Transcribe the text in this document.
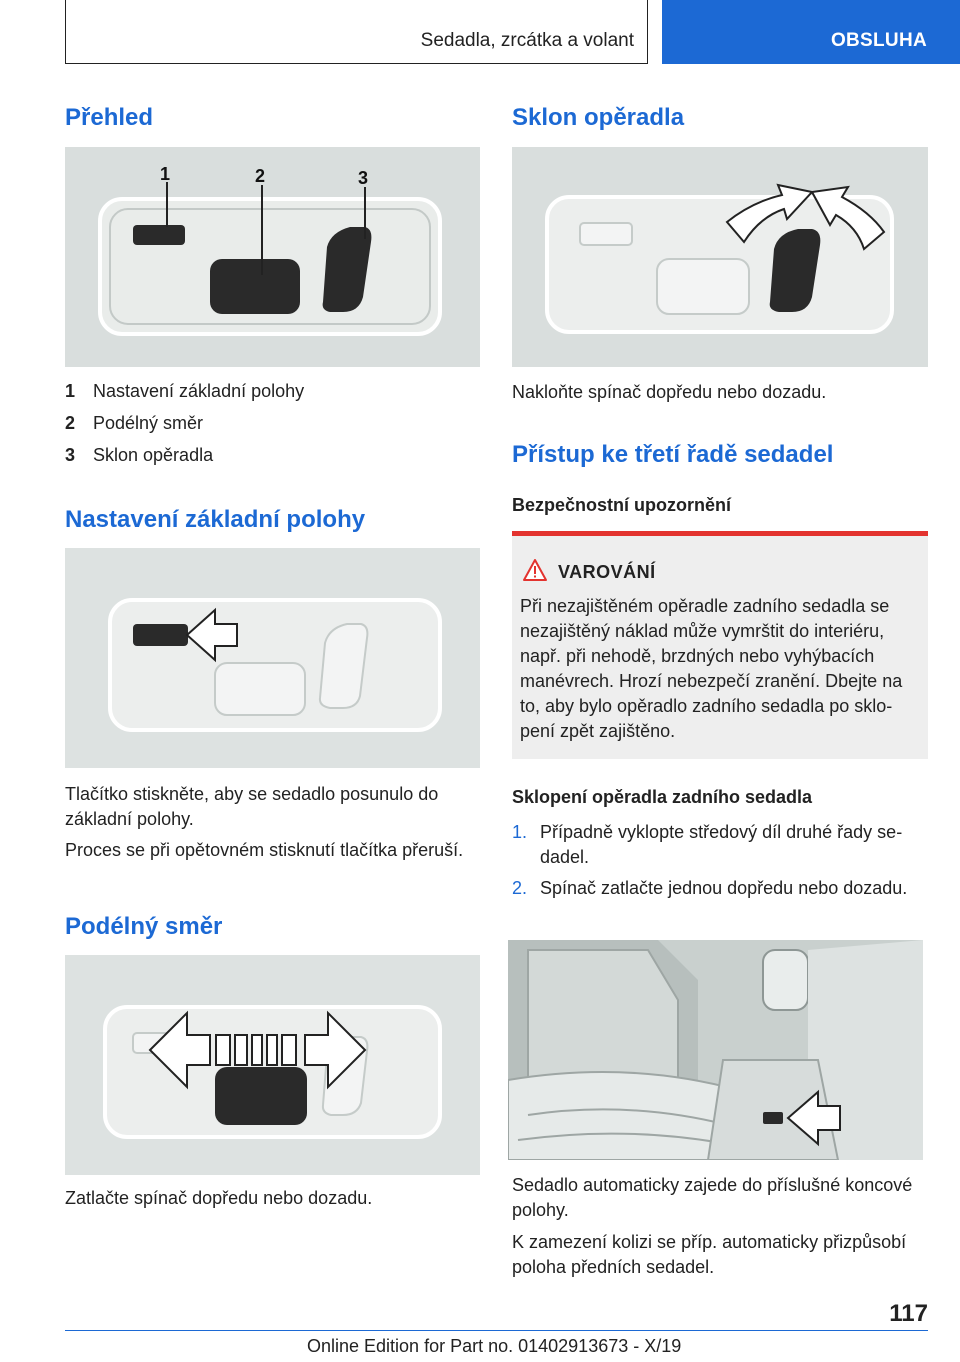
Sedadla, zrcátka a volant	OBSLUHA
Přehled
1	2	3
1 Nastavení základní polohy
2 Podélný směr
3 Sklon opěradla
Nastavení základní polohy

Tlačítko stiskněte, aby se sedadlo posunulo do základní polohy.

Proces se při opětovném stisknutí tlačítka přeruší.

Podélný směr

Zatlačte spínač dopředu nebo dozadu.

Sklon opěradla

Nakloňte spínač dopředu nebo dozadu.

Přístup ke třetí řadě sedadel
Bezpečnostní upozornění
VAROVÁNÍ
Při nezajištěném opěradle zadního sedadla se nezajištěný náklad může vymrštit do interiéru, např. při nehodě, brzdných nebo vyhýbacích manévrech. Hrozí nebezpečí zranění. Dbejte na to, aby bylo opěradlo zadního sedadla po sklopení zpět zajištěno.
Sklopení opěradla zadního sedadla
1. Případně vyklopte středový díl druhé řady sedadel.
2. Spínač zatlačte jednou dopředu nebo dozadu.

Sedadlo automaticky zajede do příslušné koncové polohy.

K zamezení kolizi se příp. automaticky přizpůsobí poloha předních sedadel.

117
Online Edition for Part no. 01402913673 - X/19
